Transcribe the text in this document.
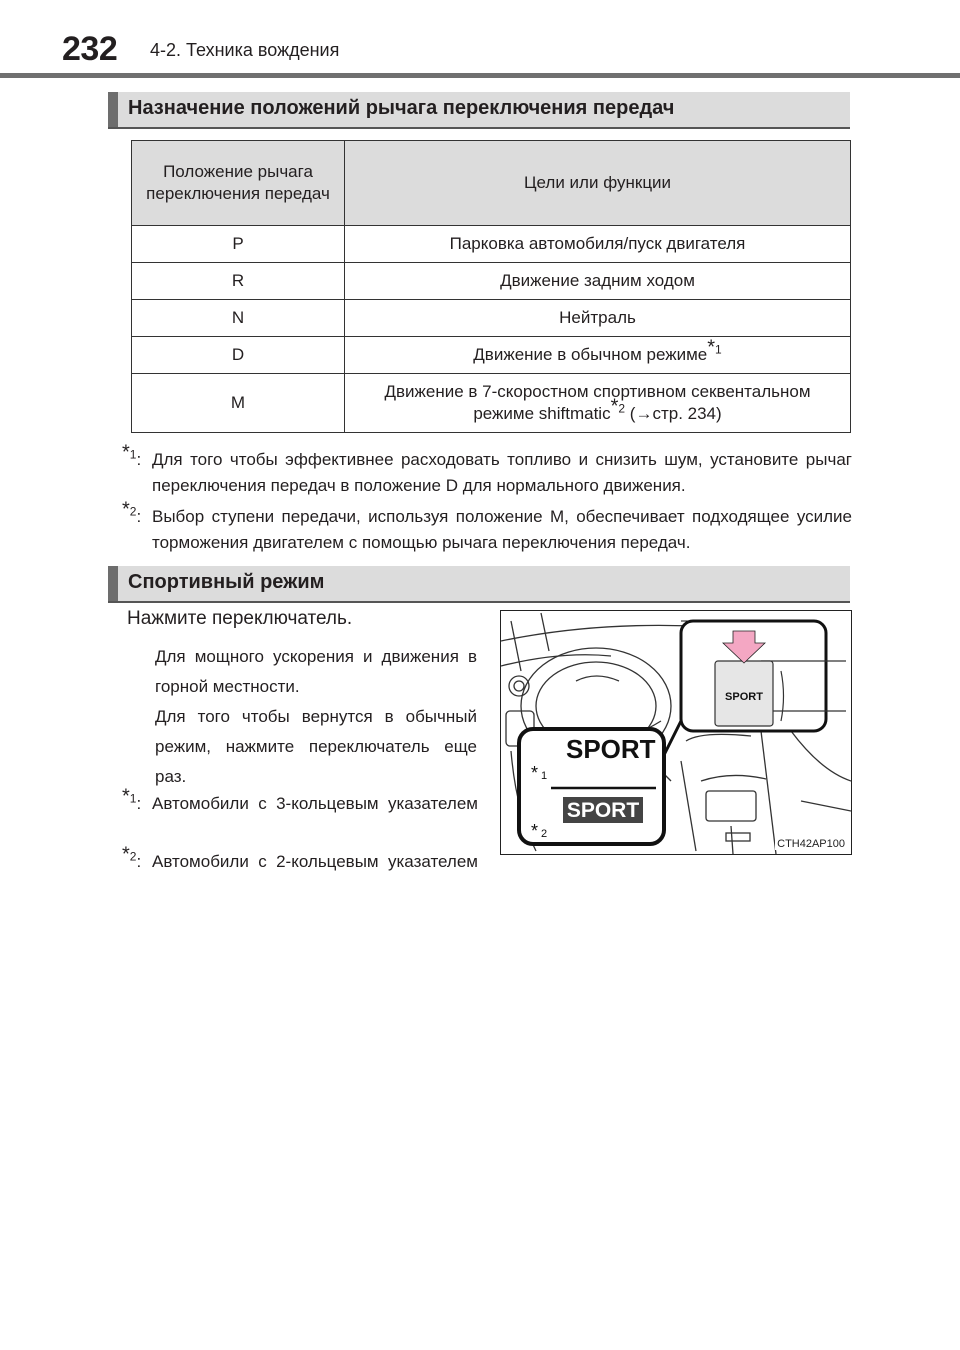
232 4-2. Техника вождения
Назначение положений рычага переключения передач
Положение рычага переключения передач	Цели или функции
P	Парковка автомобиля/пуск двигателя
R	Движение задним ходом
N	Нейтраль
D	Движение в обычном режиме*$^1$
M	Движение в 7-скоростном спортивном секвентальном
режиме shiftmatic*$^2$ (→стр. 234)
*$^1$: Для того чтобы эффективнее расходовать топливо и снизить шум, установите рычаг переключения передач в положение D для нормального движения.
*$^2$: Выбор ступени передачи, используя положение M, обеспечивает подходящее усилие торможения двигателем с помощью рычага переключения передач.
Спортивный режим
Нажмите переключатель.
Для мощного ускорения и движения в горной местности.
Для того чтобы вернутся в обычный режим, нажмите переключатель еще раз.
*$^1$: Автомобили с 3-кольцевым указателем
*$^2$: Автомобили с 2-кольцевым указателем
SPORT
SPORT
* 1
SPORT
* 2
CTH42AP100
